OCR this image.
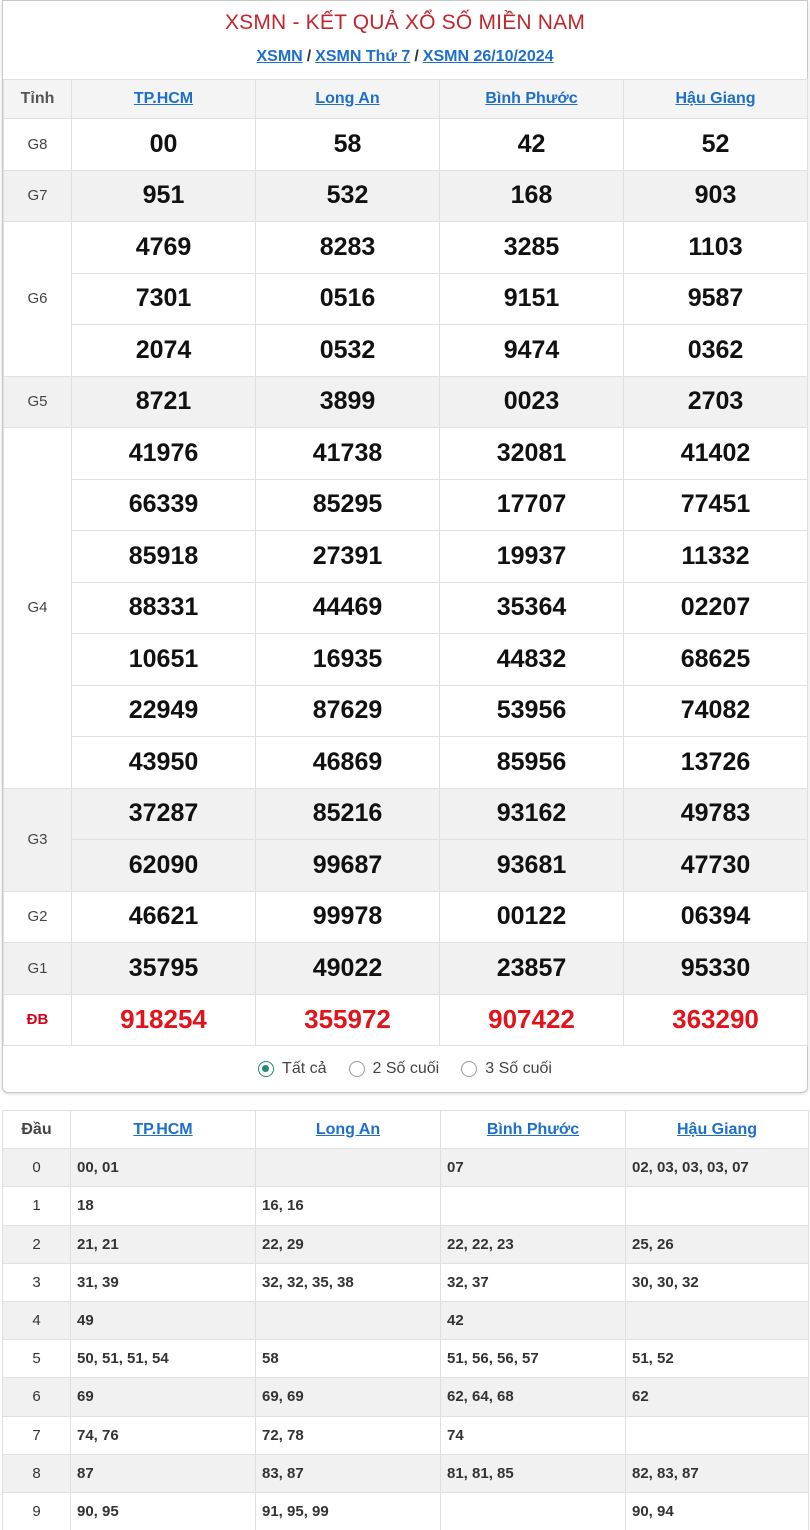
XSMN - KẾT QUẢ XỔ SỐ MIỀN NAM
XSMN / XSMN Thứ 7 / XSMN 26/10/2024
Tỉnh	TP.HCM	Long An	Bình Phước	Hậu Giang
G8	00	58	42	52
G7	951	532	168	903
G6	4769	8283	3285	1103
	7301	0516	9151	9587
	2074	0532	9474	0362
G5	8721	3899	0023	2703
G4	41976	41738	32081	41402
	66339	85295	17707	77451
	85918	27391	19937	11332
	88331	44469	35364	02207
	10651	16935	44832	68625
	22949	87629	53956	74082
	43950	46869	85956	13726
G3	37287	85216	93162	49783
	62090	99687	93681	47730
G2	46621	99978	00122	06394
G1	35795	49022	23857	95330
ĐB	918254	355972	907422	363290
Tất cả	2 Số cuối	3 Số cuối
Đầu	TP.HCM	Long An	Bình Phước	Hậu Giang
0	00, 01		07	02, 03, 03, 03, 07
1	18	16, 16		
2	21, 21	22, 29	22, 22, 23	25, 26
3	31, 39	32, 32, 35, 38	32, 37	30, 30, 32
4	49		42	
5	50, 51, 51, 54	58	51, 56, 56, 57	51, 52
6	69	69, 69	62, 64, 68	62
7	74, 76	72, 78	74	
8	87	83, 87	81, 81, 85	82, 83, 87
9	90, 95	91, 95, 99		90, 94
